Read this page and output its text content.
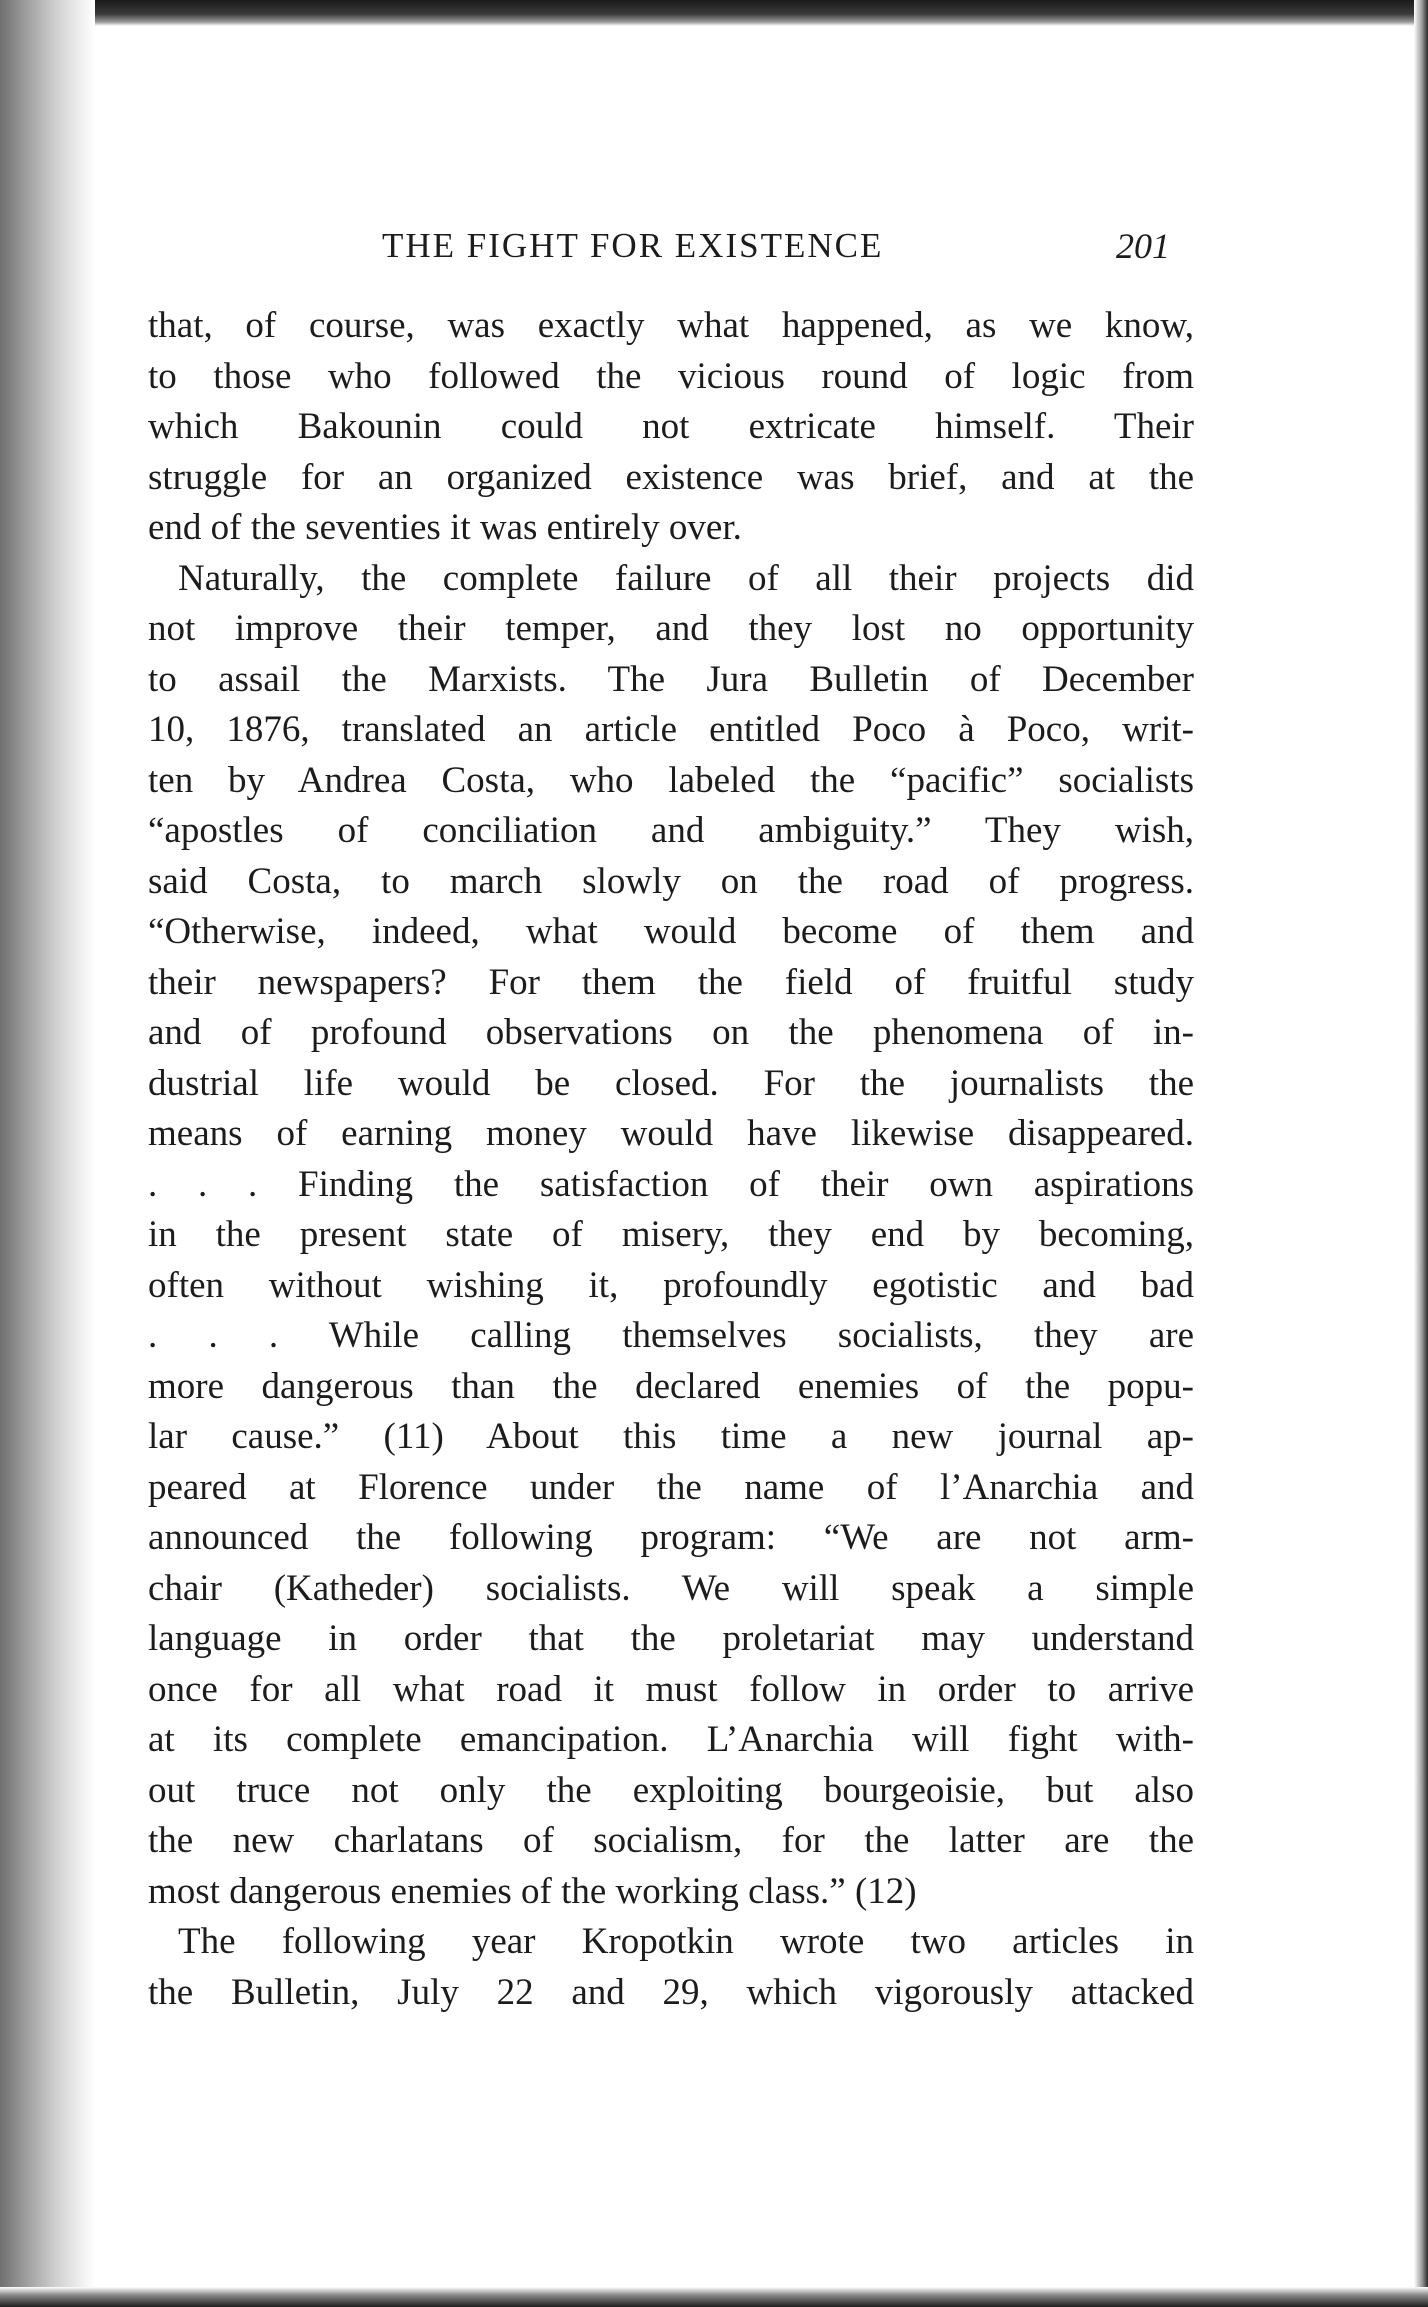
THE FIGHT FOR EXISTENCE	201
that, of course, was exactly what happened, as we know,
to those who followed the vicious round of logic from
which Bakounin could not extricate himself. Their
struggle for an organized existence was brief, and at the
end of the seventies it was entirely over.
Naturally, the complete failure of all their projects did
not improve their temper, and they lost no opportunity
to assail the Marxists. The Jura Bulletin of December
10, 1876, translated an article entitled Poco à Poco, writ-
ten by Andrea Costa, who labeled the “pacific” socialists
“apostles of conciliation and ambiguity.” They wish,
said Costa, to march slowly on the road of progress.
“Otherwise, indeed, what would become of them and
their newspapers? For them the field of fruitful study
and of profound observations on the phenomena of in-
dustrial life would be closed. For the journalists the
means of earning money would have likewise disappeared.
. . . Finding the satisfaction of their own aspirations
in the present state of misery, they end by becoming,
often without wishing it, profoundly egotistic and bad
. . . While calling themselves socialists, they are
more dangerous than the declared enemies of the popu-
lar cause.” (11) About this time a new journal ap-
peared at Florence under the name of l’Anarchia and
announced the following program: “We are not arm-
chair (Katheder) socialists. We will speak a simple
language in order that the proletariat may understand
once for all what road it must follow in order to arrive
at its complete emancipation. L’Anarchia will fight with-
out truce not only the exploiting bourgeoisie, but also
the new charlatans of socialism, for the latter are the
most dangerous enemies of the working class.” (12)
The following year Kropotkin wrote two articles in
the Bulletin, July 22 and 29, which vigorously attacked
